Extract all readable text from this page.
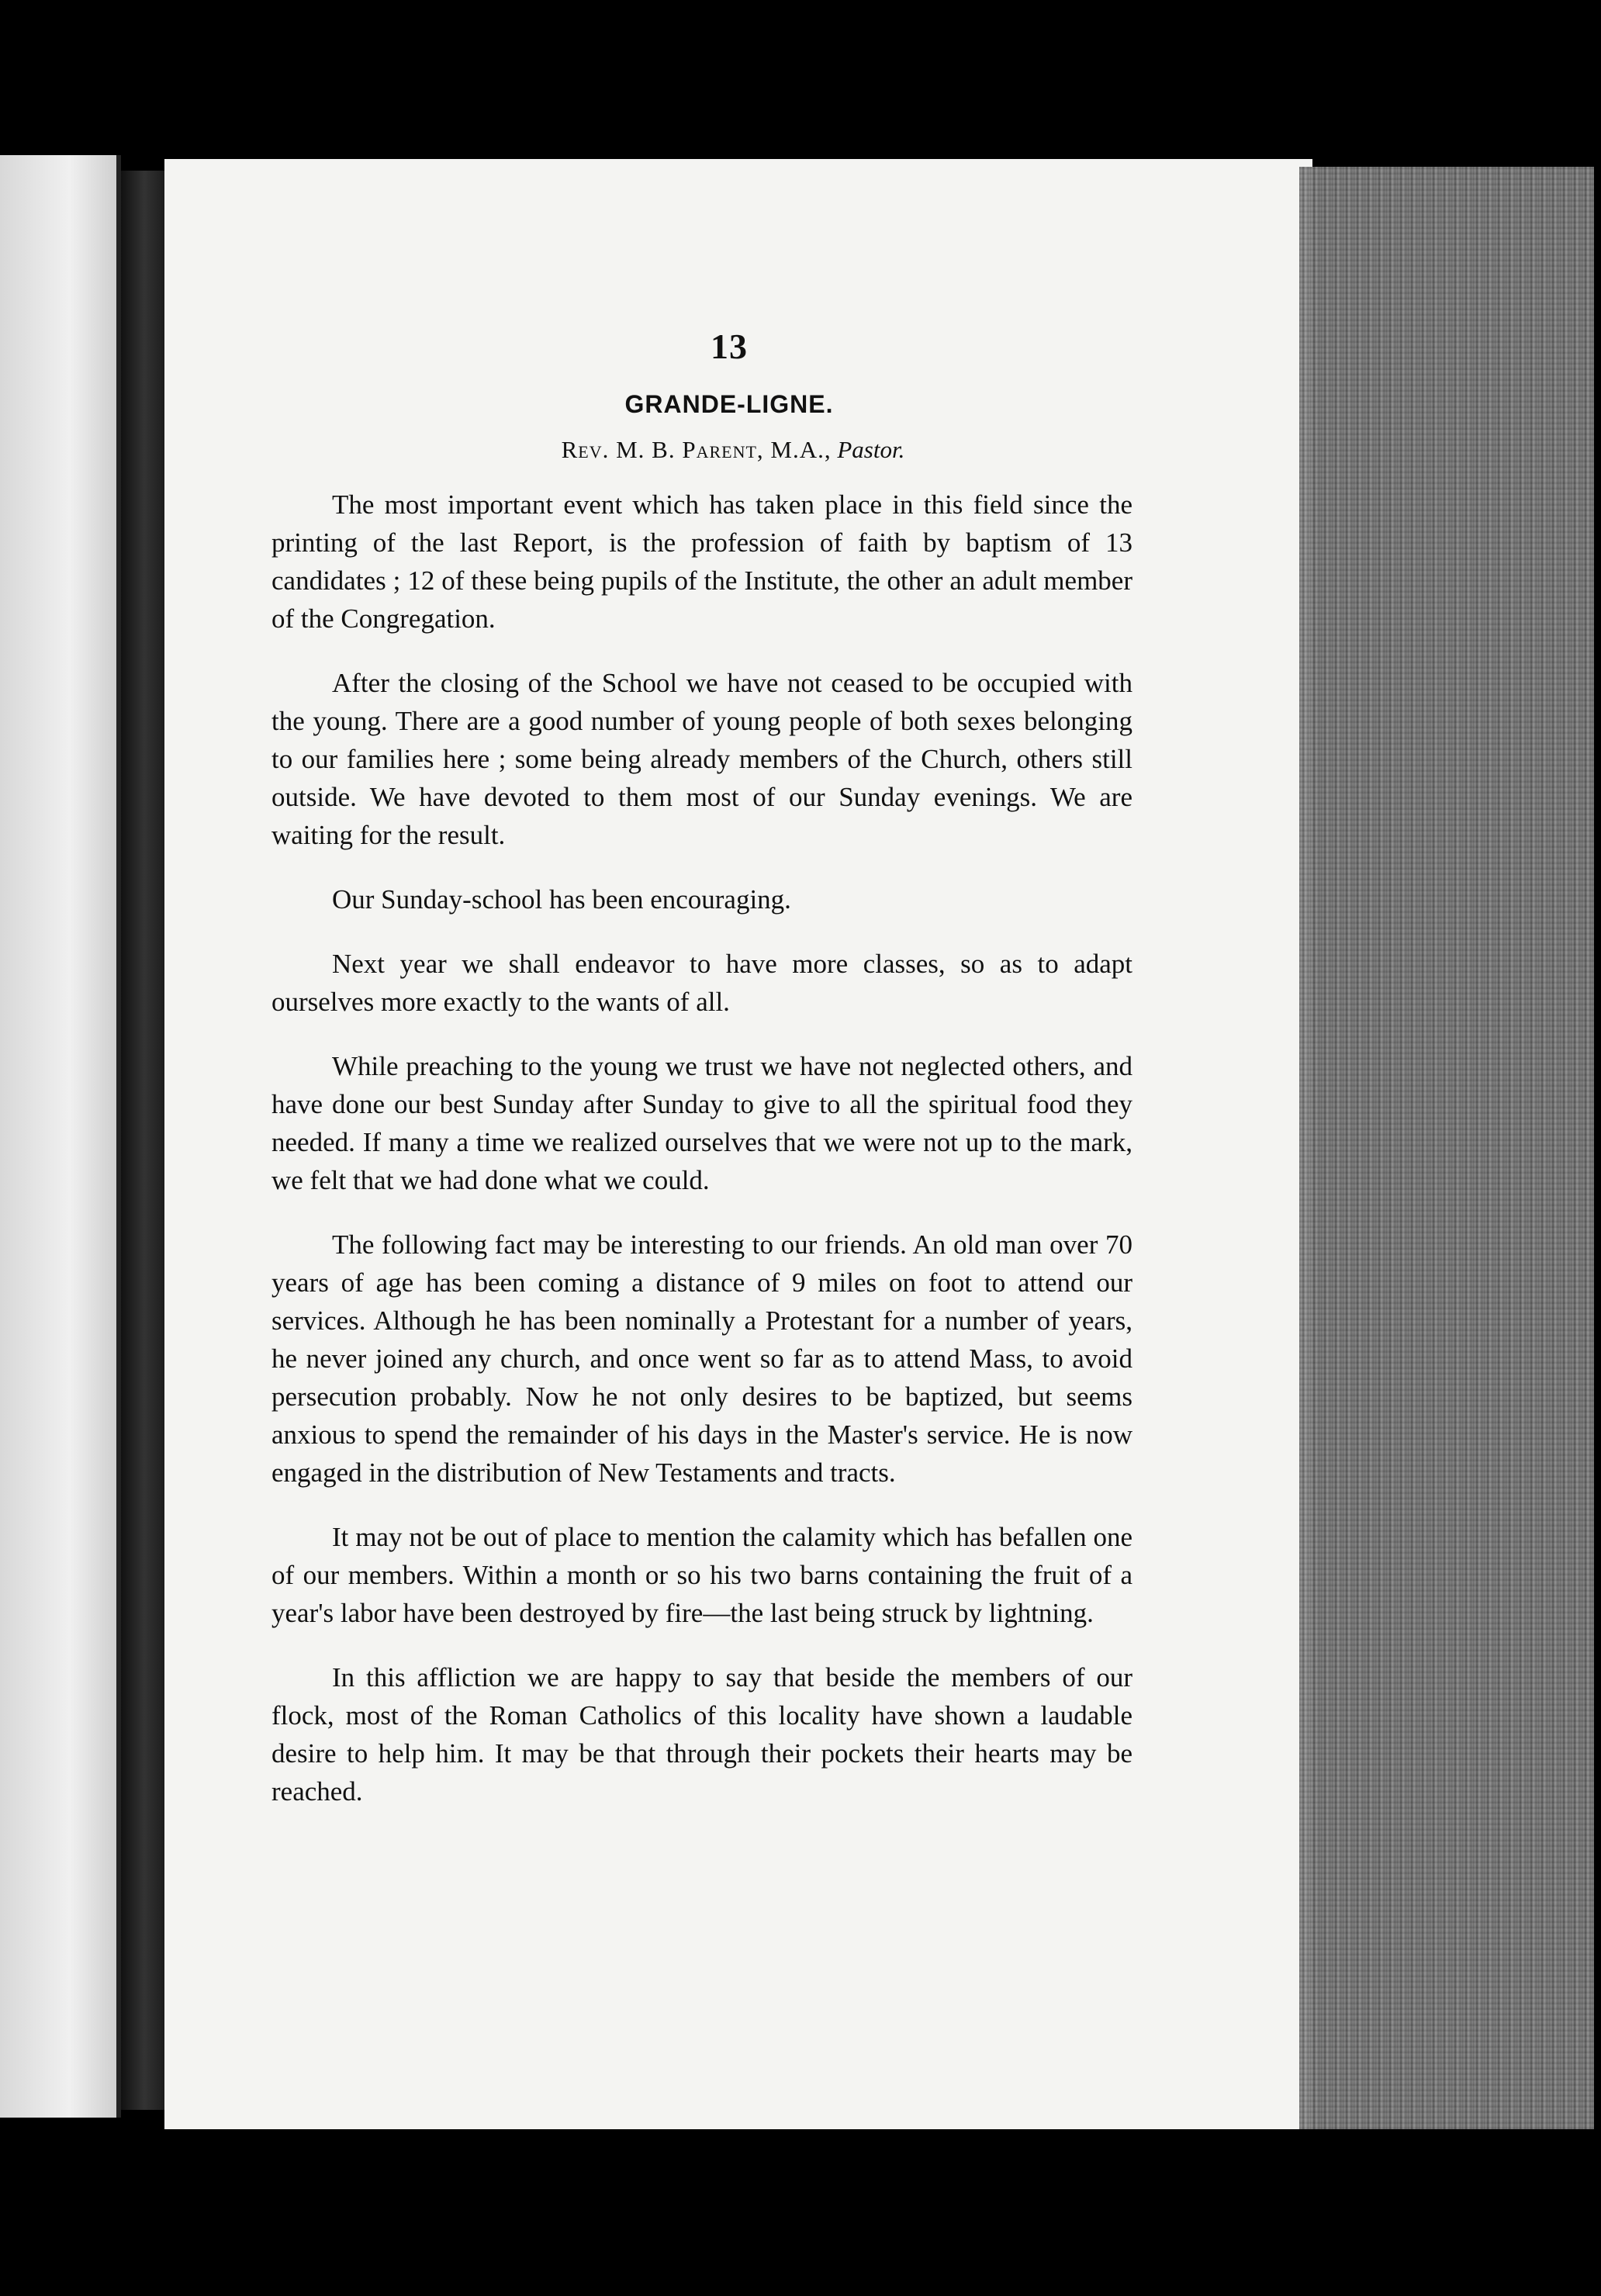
13
GRANDE-LIGNE.
Rev. M. B. Parent, M.A., Pastor.

The most important event which has taken place in this field since the printing of the last Report, is the profession of faith by baptism of 13 candidates ; 12 of these being pupils of the Institute, the other an adult member of the Congregation.

After the closing of the School we have not ceased to be occupied with the young. There are a good number of young people of both sexes belonging to our families here ; some being already members of the Church, others still outside. We have devoted to them most of our Sunday evenings. We are waiting for the result.

Our Sunday-school has been encouraging.

Next year we shall endeavor to have more classes, so as to adapt ourselves more exactly to the wants of all.

While preaching to the young we trust we have not neglected others, and have done our best Sunday after Sunday to give to all the spiritual food they needed. If many a time we realized ourselves that we were not up to the mark, we felt that we had done what we could.

The following fact may be interesting to our friends. An old man over 70 years of age has been coming a distance of 9 miles on foot to attend our services. Although he has been nominally a Protestant for a number of years, he never joined any church, and once went so far as to attend Mass, to avoid persecution probably. Now he not only desires to be baptized, but seems anxious to spend the remainder of his days in the Master's service. He is now engaged in the distribution of New Testaments and tracts.

It may not be out of place to mention the calamity which has befallen one of our members. Within a month or so his two barns containing the fruit of a year's labor have been destroyed by fire—the last being struck by lightning.

In this affliction we are happy to say that beside the members of our flock, most of the Roman Catholics of this locality have shown a laudable desire to help him. It may be that through their pockets their hearts may be reached.
